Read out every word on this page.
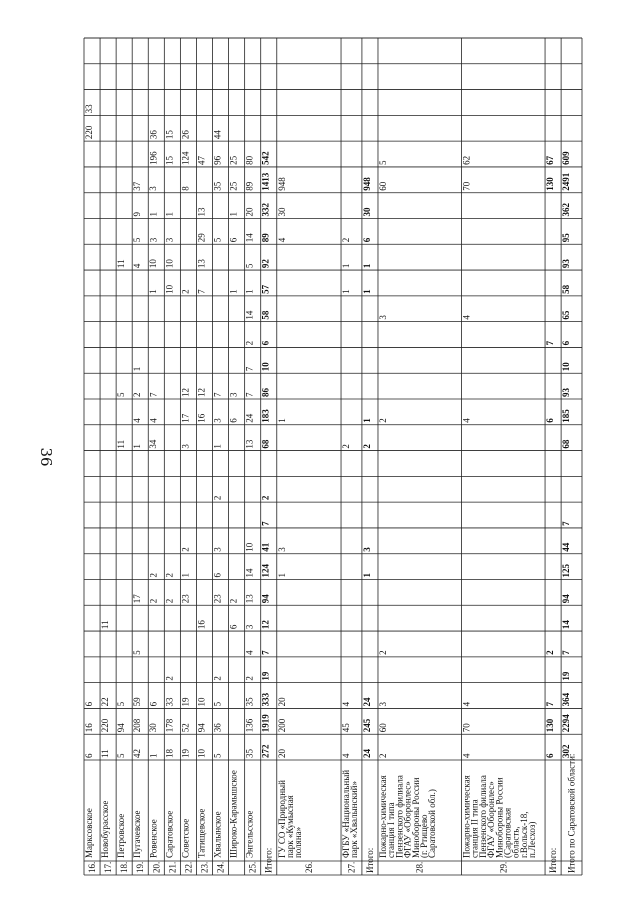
36
16.
Марксовское
6
16
6
220
33
17.
Новобурасское
11
220
22
11
18.
Петровское
5
94
5
11
5
11
19.
Пугачевское
42
208
59
5
17
1
4
2
1
4
5
9
37
20.
Ровенское
1
30
6
2
2
34
4
7
1
10
3
1
3
196
36
21.
Саратовское
18
178
33
2
2
2
10
10
3
1
15
15
22.
Советское
19
52
19
23
1
2
3
17
12
2
8
124
26
23.
Татищевское
10
94
10
16
16
12
7
13
29
13
47
24.
Хвалынское
5
36
5
2
23
6
3
2
1
3
7
5
35
96
44
Широко-Карамышское
6
2
6
3
1
6
1
25
25
25.
Энгельсское
35
136
35
2
4
3
13
14
10
13
24
7
7
2
14
1
5
14
20
89
80
Итого:
272
1919
333
19
7
12
94
124
41
7
2
68
183
86
10
6
58
57
92
89
332
1413
542
26.
ГУ СО «Природный
парк «Кумысная
поляна»
20
200
20
1
3
1
4
30
948
27.
ФГБУ «Национальный
парк «Хвалынский»
4
45
4
2
1
1
2
Итого:
24
245
24
1
3
2
1
1
1
6
30
948
28.
Пожарно-химическая
станция I типа
Пензенского филиала
ФГАУ «Оборонлес»
Минобороны России
(г. Ртищево
Саратовской обл.)
2
60
3
2
2
3
60
5
29.
Пожарно-химическая
станция II типа
Пензенского филиала
ФГАУ «Оборонлес»
Минобороны России
(Саратовская
область,
г.Вольск-18,
п.Лесхоз)
4
70
4
4
4
70
62
Итого:
6
130
7
2
6
7
130
67
Итого по Саратовской области:
302
2294
364
19
7
14
94
125
44
7
68
185
93
10
6
65
58
93
95
362
2491
609
